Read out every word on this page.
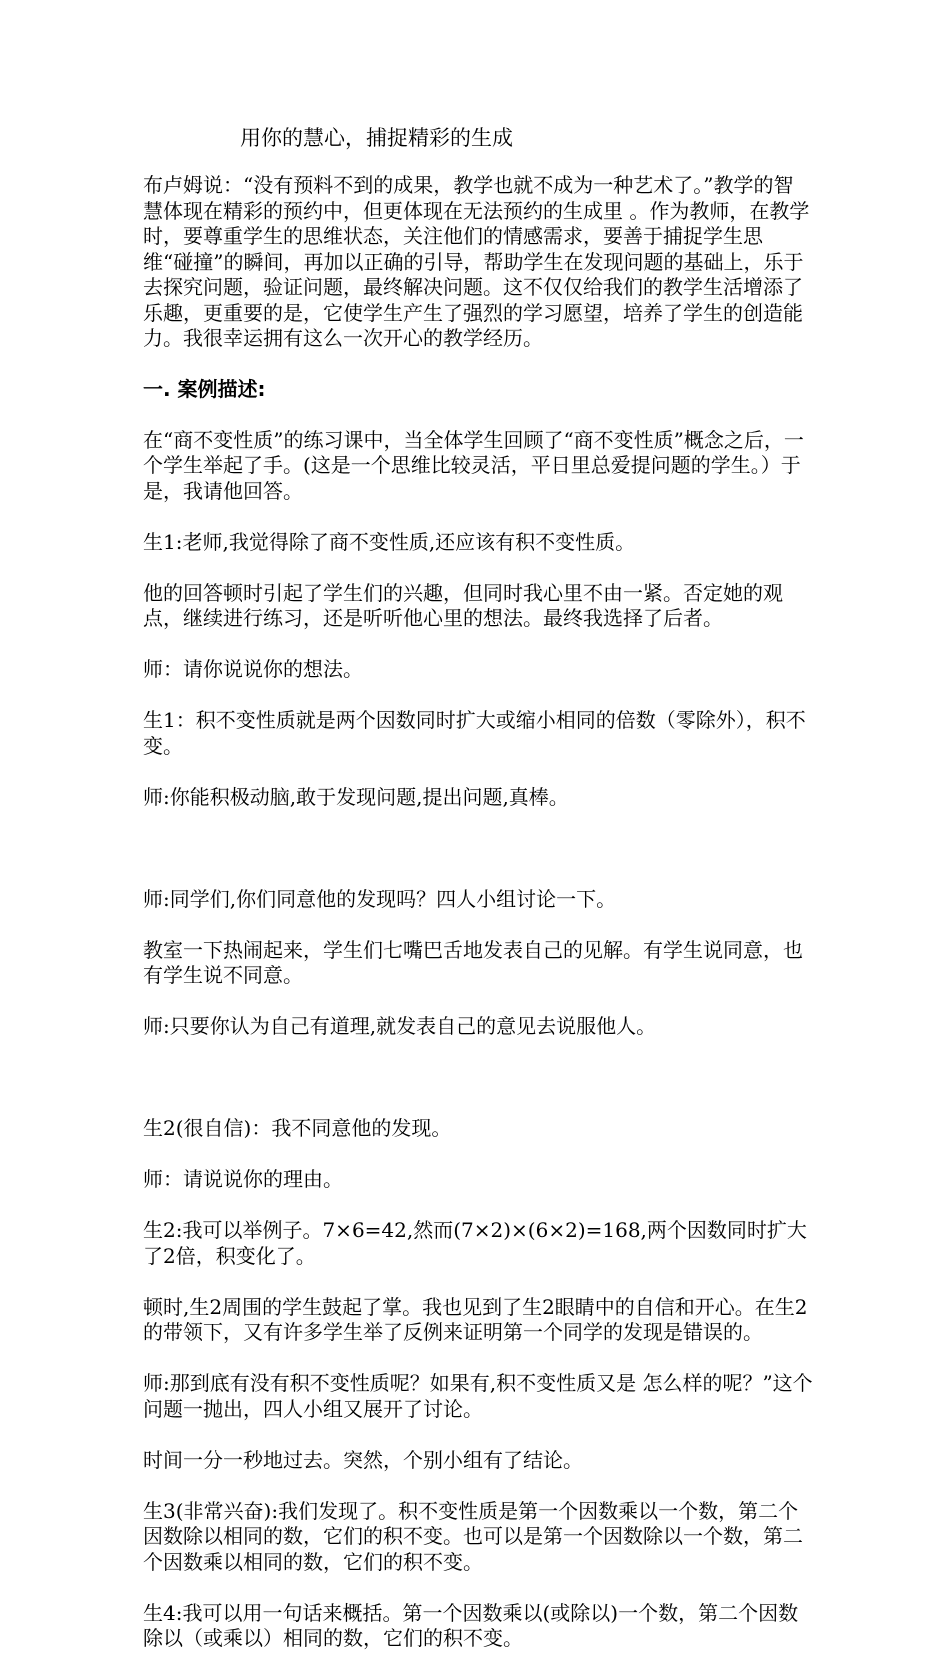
用你的慧心，捕捉精彩的生成
布卢姆说：“没有预料不到的成果，教学也就不成为一种艺术了。”教学的智慧体现在精彩的预约中，但更体现在无法预约的生成里 。作为教师，在教学时，要尊重学生的思维状态，关注他们的情感需求，要善于捕捉学生思维“碰撞”的瞬间，再加以正确的引导，帮助学生在发现问题的基础上，乐于去探究问题，验证问题，最终解决问题。这不仅仅给我们的教学生活增添了乐趣，更重要的是，它使学生产生了强烈的学习愿望，培养了学生的创造能力。我很幸运拥有这么一次开心的教学经历。
一. 案例描述:

在“商不变性质”的练习课中，当全体学生回顾了“商不变性质”概念之后，一个学生举起了手。(这是一个思维比较灵活，平日里总爱提问题的学生。）于是，我请他回答。

生1:老师,我觉得除了商不变性质,还应该有积不变性质。

他的回答顿时引起了学生们的兴趣，但同时我心里不由一紧。否定她的观点，继续进行练习，还是听听他心里的想法。最终我选择了后者。

师：请你说说你的想法。

生1：积不变性质就是两个因数同时扩大或缩小相同的倍数（零除外），积不变。

师:你能积极动脑,敢于发现问题,提出问题,真棒。

师:同学们,你们同意他的发现吗？四人小组讨论一下。

教室一下热闹起来，学生们七嘴巴舌地发表自己的见解。有学生说同意，也有学生说不同意。

师:只要你认为自己有道理,就发表自己的意见去说服他人。

生2(很自信)：我不同意他的发现。

师：请说说你的理由。

生2:我可以举例子。7×6=42,然而(7×2)×(6×2)=168,两个因数同时扩大了2倍，积变化了。

顿时,生2周围的学生鼓起了掌。我也见到了生2眼睛中的自信和开心。在生2的带领下，又有许多学生举了反例来证明第一个同学的发现是错误的。

师:那到底有没有积不变性质呢？如果有,积不变性质又是 怎么样的呢？”这个问题一抛出，四人小组又展开了讨论。

时间一分一秒地过去。突然，个别小组有了结论。

生3(非常兴奋):我们发现了。积不变性质是第一个因数乘以一个数，第二个因数除以相同的数，它们的积不变。也可以是第一个因数除以一个数，第二个因数乘以相同的数，它们的积不变。

生4:我可以用一句话来概括。第一个因数乘以(或除以)一个数，第二个因数除以（或乘以）相同的数，它们的积不变。
